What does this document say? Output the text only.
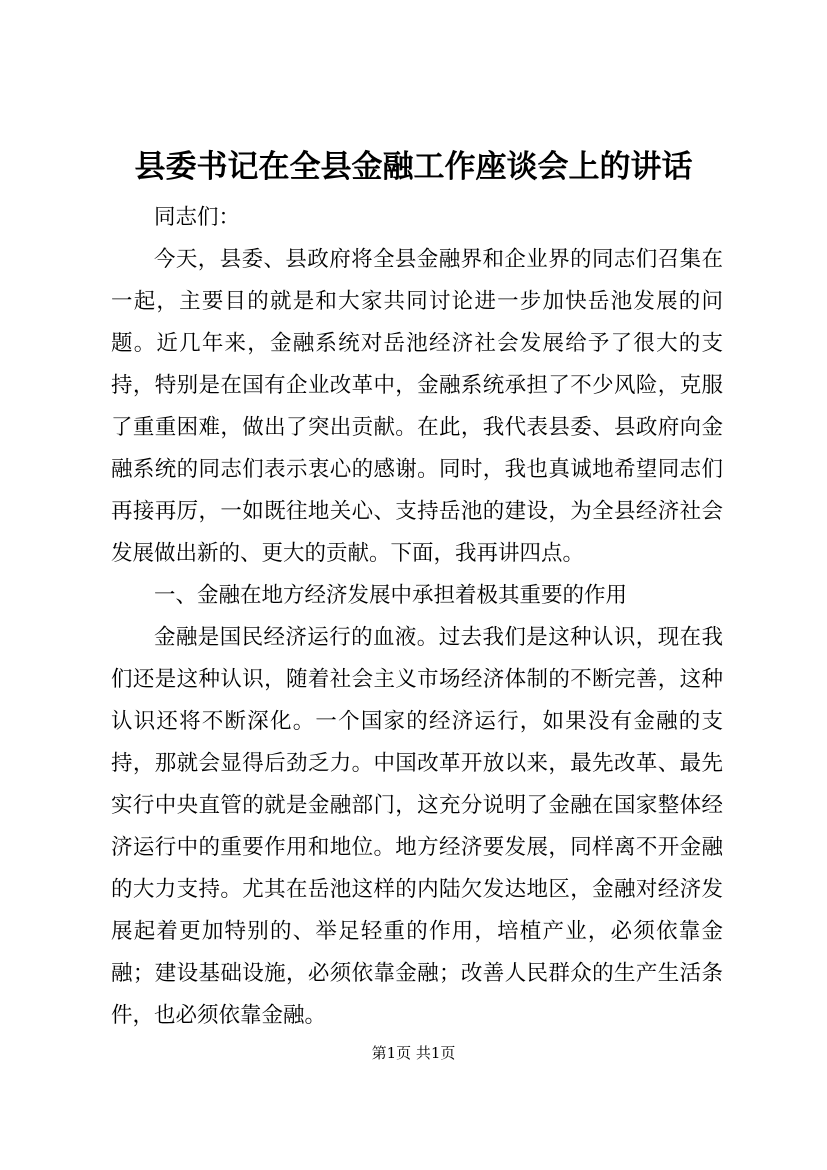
县委书记在全县金融工作座谈会上的讲话

同志们：

今天，县委、县政府将全县金融界和企业界的同志们召集在一起，主要目的就是和大家共同讨论进一步加快岳池发展的问题。近几年来，金融系统对岳池经济社会发展给予了很大的支持，特别是在国有企业改革中，金融系统承担了不少风险，克服了重重困难，做出了突出贡献。在此，我代表县委、县政府向金融系统的同志们表示衷心的感谢。同时，我也真诚地希望同志们再接再厉，一如既往地关心、支持岳池的建设，为全县经济社会发展做出新的、更大的贡献。下面，我再讲四点。

一、金融在地方经济发展中承担着极其重要的作用

金融是国民经济运行的血液。过去我们是这种认识，现在我们还是这种认识，随着社会主义市场经济体制的不断完善，这种认识还将不断深化。一个国家的经济运行，如果没有金融的支持，那就会显得后劲乏力。中国改革开放以来，最先改革、最先实行中央直管的就是金融部门，这充分说明了金融在国家整体经济运行中的重要作用和地位。地方经济要发展，同样离不开金融的大力支持。尤其在岳池这样的内陆欠发达地区，金融对经济发展起着更加特别的、举足轻重的作用，培植产业，必须依靠金融；建设基础设施，必须依靠金融；改善人民群众的生产生活条件，也必须依靠金融。

第1页 共1页
